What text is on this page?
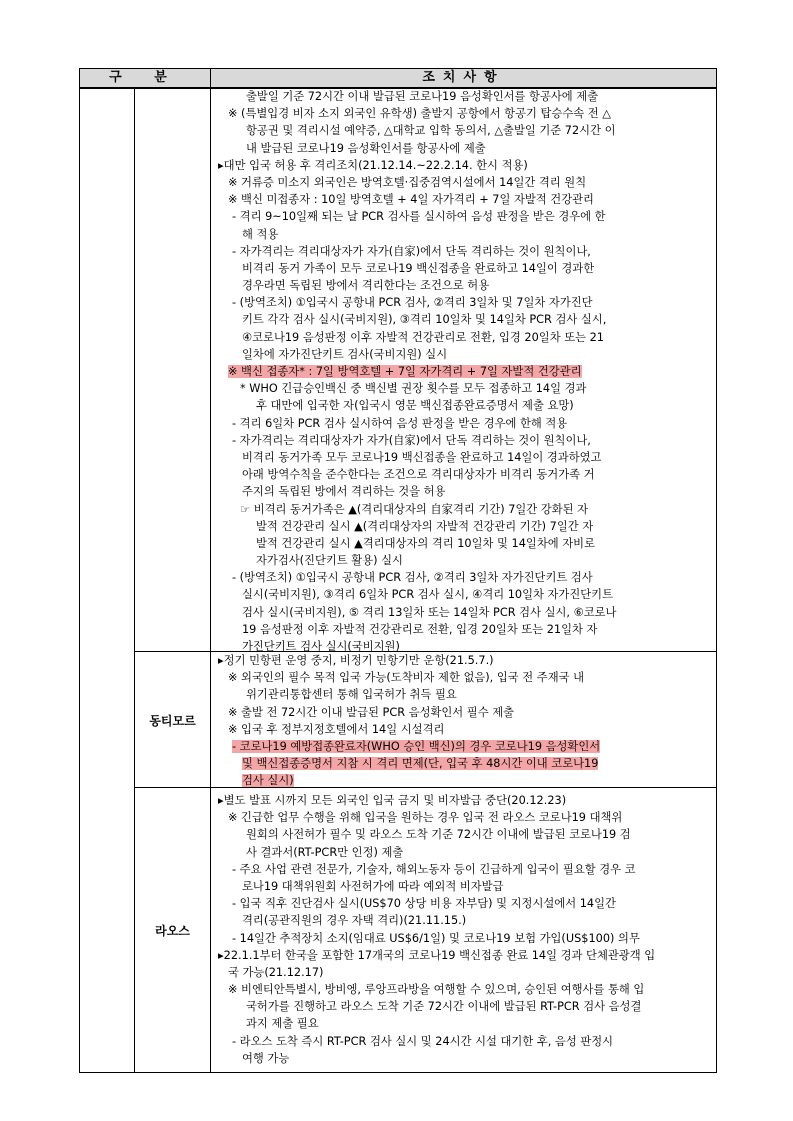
구 분	조치사항
출발일 기준 72시간 이내 발급된 코로나19 음성확인서를 항공사에 제출
※ (특별입경 비자 소지 외국인 유학생) 출발지 공항에서 항공기 탑승수속 전 △
항공권 및 격리시설 예약증, △대학교 입학 동의서, △출발일 기준 72시간 이
내 발급된 코로나19 음성확인서를 항공사에 제출
▸대만 입국 허용 후 격리조치(21.12.14.~22.2.14. 한시 적용)
※ 거류증 미소지 외국인은 방역호텔·집중검역시설에서 14일간 격리 원칙
※ 백신 미접종자 : 10일 방역호텔 + 4일 자가격리 + 7일 자발적 건강관리
- 격리 9~10일째 되는 날 PCR 검사를 실시하여 음성 판정을 받은 경우에 한
해 적용
- 자가격리는 격리대상자가 자가(自家)에서 단독 격리하는 것이 원칙이나,
비격리 동거 가족이 모두 코로나19 백신접종을 완료하고 14일이 경과한
경우라면 독립된 방에서 격리한다는 조건으로 허용
- (방역조치) ①입국시 공항내 PCR 검사, ②격리 3일차 및 7일차 자가진단
키트 각각 검사 실시(국비지원), ③격리 10일차 및 14일차 PCR 검사 실시,
④코로나19 음성판정 이후 자발적 건강관리로 전환, 입경 20일차 또는 21
일차에 자가진단키트 검사(국비지원) 실시
※ 백신 접종자* : 7일 방역호텔 + 7일 자가격리 + 7일 자발적 건강관리
* WHO 긴급승인백신 중 백신별 권장 횟수를 모두 접종하고 14일 경과
후 대만에 입국한 자(입국시 영문 백신접종완료증명서 제출 요망)
- 격리 6일차 PCR 검사 실시하여 음성 판정을 받은 경우에 한해 적용
- 자가격리는 격리대상자가 자가(自家)에서 단독 격리하는 것이 원칙이나,
비격리 동거가족 모두 코로나19 백신접종을 완료하고 14일이 경과하였고
아래 방역수칙을 준수한다는 조건으로 격리대상자가 비격리 동거가족 거
주지의 독립된 방에서 격리하는 것을 허용
☞ 비격리 동거가족은 ▲(격리대상자의 自家격리 기간) 7일간 강화된 자
발적 건강관리 실시 ▲(격리대상자의 자발적 건강관리 기간) 7일간 자
발적 건강관리 실시 ▲격리대상자의 격리 10일차 및 14일차에 자비로
자가검사(진단키트 활용) 실시
- (방역조치) ①입국시 공항내 PCR 검사, ②격리 3일차 자가진단키트 검사
실시(국비지원), ③격리 6일차 PCR 검사 실시, ④격리 10일차 자가진단키트
검사 실시(국비지원), ⑤ 격리 13일차 또는 14일차 PCR 검사 실시, ⑥코로나
19 음성판정 이후 자발적 건강관리로 전환, 입경 20일차 또는 21일차 자
가진단키트 검사 실시(국비지원)
동티모르
▸정기 민항편 운영 중지, 비정기 민항기만 운항(21.5.7.)
※ 외국인의 필수 목적 입국 가능(도착비자 제한 없음), 입국 전 주재국 내
위기관리통합센터 통해 입국허가 취득 필요
※ 출발 전 72시간 이내 발급된 PCR 음성확인서 필수 제출
※ 입국 후 정부지정호텔에서 14일 시설격리
- 코로나19 예방접종완료자(WHO 승인 백신)의 경우 코로나19 음성확인서
및 백신접종증명서 지참 시 격리 면제(단, 입국 후 48시간 이내 코로나19
검사 실시)
라오스
▸별도 발표 시까지 모든 외국인 입국 금지 및 비자발급 중단(20.12.23)
※ 긴급한 업무 수행을 위해 입국을 원하는 경우 입국 전 라오스 코로나19 대책위
원회의 사전허가 필수 및 라오스 도착 기준 72시간 이내에 발급된 코로나19 검
사 결과서(RT-PCR만 인정) 제출
- 주요 사업 관련 전문가, 기술자, 해외노동자 등이 긴급하게 입국이 필요할 경우 코
로나19 대책위원회 사전허가에 따라 예외적 비자발급
- 입국 직후 진단검사 실시(US$70 상당 비용 자부담) 및 지정시설에서 14일간
격리(공관직원의 경우 자택 격리)(21.11.15.)
- 14일간 추적장치 소지(임대료 US$6/1일) 및 코로나19 보험 가입(US$100) 의무
▸22.1.1부터 한국을 포함한 17개국의 코로나19 백신접종 완료 14일 경과 단체관광객 입
국 가능(21.12.17)
※ 비엔티안특별시, 방비엥, 루앙프라방을 여행할 수 있으며, 승인된 여행사를 통해 입
국허가를 진행하고 라오스 도착 기준 72시간 이내에 발급된 RT-PCR 검사 음성결
과지 제출 필요
- 라오스 도착 즉시 RT-PCR 검사 실시 및 24시간 시설 대기한 후, 음성 판정시
여행 가능
